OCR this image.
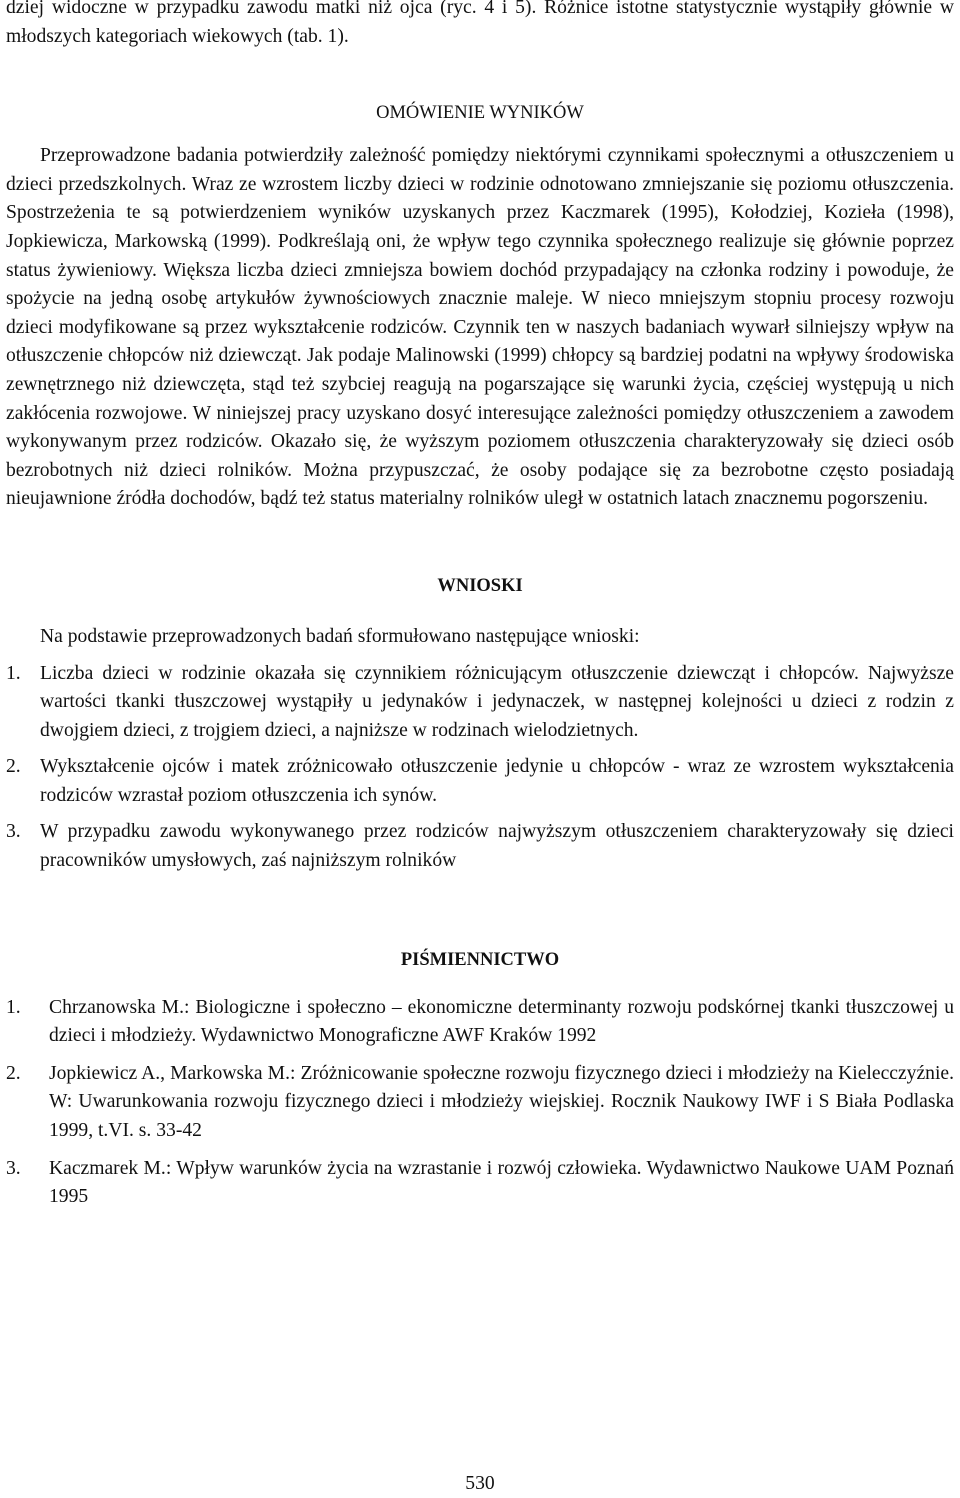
dziej widoczne w przypadku zawodu matki niż ojca (ryc. 4 i 5). Różnice istotne statystycznie wystąpiły głównie w młodszych kategoriach wiekowych (tab. 1).

OMÓWIENIE WYNIKÓW

Przeprowadzone badania potwierdziły zależność pomiędzy niektórymi czynnikami społecznymi a otłuszczeniem u dzieci przedszkolnych. Wraz ze wzrostem liczby dzieci w rodzinie odnotowano zmniejszanie się poziomu otłuszczenia. Spostrzeżenia te są potwierdzeniem wyników uzyskanych przez Kaczmarek (1995), Kołodziej, Kozieła (1998), Jopkiewicza, Markowską (1999). Podkreślają oni, że wpływ tego czynnika społecznego realizuje się głównie poprzez status żywieniowy. Większa liczba dzieci zmniejsza bowiem dochód przypadający na członka rodziny i powoduje, że spożycie na jedną osobę artykułów żywnościowych znacznie maleje. W nieco mniejszym stopniu procesy rozwoju dzieci modyfikowane są przez wykształcenie rodziców. Czynnik ten w naszych badaniach wywarł silniejszy wpływ na otłuszczenie chłopców niż dziewcząt. Jak podaje Malinowski (1999) chłopcy są bardziej podatni na wpływy środowiska zewnętrznego niż dziewczęta, stąd też szybciej reagują na pogarszające się warunki życia, częściej występują u nich zakłócenia rozwojowe. W niniejszej pracy uzyskano dosyć interesujące zależności pomiędzy otłuszczeniem a zawodem wykonywanym przez rodziców. Okazało się, że wyższym poziomem otłuszczenia charakteryzowały się dzieci osób bezrobotnych niż dzieci rolników. Można przypuszczać, że osoby podające się za bezrobotne często posiadają nieujawnione źródła dochodów, bądź też status materialny rolników uległ w ostatnich latach znacznemu pogorszeniu.

WNIOSKI

Na podstawie przeprowadzonych badań sformułowano następujące wnioski:

1. Liczba dzieci w rodzinie okazała się czynnikiem różnicującym otłuszczenie dziewcząt i chłopców. Najwyższe wartości tkanki tłuszczowej wystąpiły u jedynaków i jedynaczek, w następnej kolejności u dzieci z rodzin z dwojgiem dzieci, z trojgiem dzieci, a najniższe w rodzinach wielodzietnych.
2. Wykształcenie ojców i matek zróżnicowało otłuszczenie jedynie u chłopców - wraz ze wzrostem wykształcenia rodziców wzrastał poziom otłuszczenia ich synów.
3. W przypadku zawodu wykonywanego przez rodziców najwyższym otłuszczeniem charakteryzowały się dzieci pracowników umysłowych, zaś najniższym rolników
PIŚMIENNICTWO
1. Chrzanowska M.: Biologiczne i społeczno – ekonomiczne determinanty rozwoju podskórnej tkanki tłuszczowej u dzieci i młodzieży. Wydawnictwo Monograficzne AWF Kraków 1992
2. Jopkiewicz A., Markowska M.: Zróżnicowanie społeczne rozwoju fizycznego dzieci i młodzieży na Kielecczyźnie. W: Uwarunkowania rozwoju fizycznego dzieci i młodzieży wiejskiej. Rocznik Naukowy IWF i S Biała Podlaska 1999, t.VI. s. 33-42
3. Kaczmarek M.: Wpływ warunków życia na wzrastanie i rozwój człowieka. Wydawnictwo Naukowe UAM Poznań 1995
530
